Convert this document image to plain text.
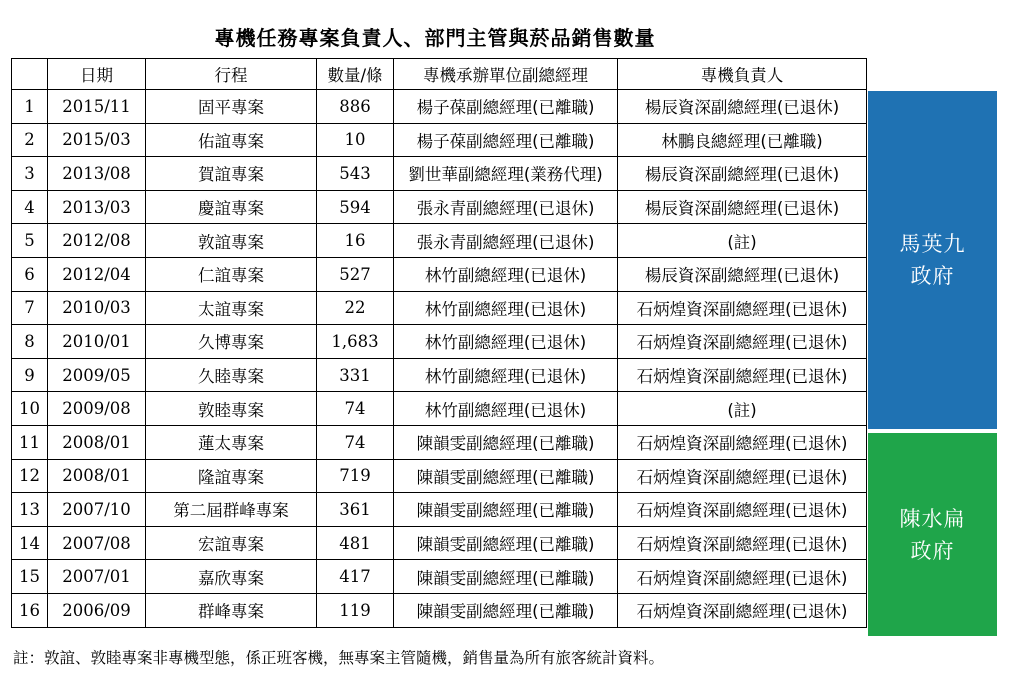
專機任務專案負責人、部門主管與菸品銷售數量
	日期	行程	數量/條	專機承辦單位副總經理	專機負責人
1	2015/11	固平專案	886	楊子葆副總經理(已離職)	楊辰資深副總經理(已退休)
2	2015/03	佑誼專案	10	楊子葆副總經理(已離職)	林鵬良總經理(已離職)
3	2013/08	賀誼專案	543	劉世華副總經理(業務代理)	楊辰資深副總經理(已退休)
4	2013/03	慶誼專案	594	張永青副總經理(已退休)	楊辰資深副總經理(已退休)
5	2012/08	敦誼專案	16	張永青副總經理(已退休)	(註)
6	2012/04	仁誼專案	527	林竹副總經理(已退休)	楊辰資深副總經理(已退休)
7	2010/03	太誼專案	22	林竹副總經理(已退休)	石炳煌資深副總經理(已退休)
8	2010/01	久博專案	1,683	林竹副總經理(已退休)	石炳煌資深副總經理(已退休)
9	2009/05	久睦專案	331	林竹副總經理(已退休)	石炳煌資深副總經理(已退休)
10	2009/08	敦睦專案	74	林竹副總經理(已退休)	(註)
11	2008/01	蓮太專案	74	陳韻雯副總經理(已離職)	石炳煌資深副總經理(已退休)
12	2008/01	隆誼專案	719	陳韻雯副總經理(已離職)	石炳煌資深副總經理(已退休)
13	2007/10	第二屆群峰專案	361	陳韻雯副總經理(已離職)	石炳煌資深副總經理(已退休)
14	2007/08	宏誼專案	481	陳韻雯副總經理(已離職)	石炳煌資深副總經理(已退休)
15	2007/01	嘉欣專案	417	陳韻雯副總經理(已離職)	石炳煌資深副總經理(已退休)
16	2006/09	群峰專案	119	陳韻雯副總經理(已離職)	石炳煌資深副總經理(已退休)
馬英九
政府
陳水扁
政府
註：敦誼、敦睦專案非專機型態，係正班客機，無專案主管隨機，銷售量為所有旅客統計資料。
